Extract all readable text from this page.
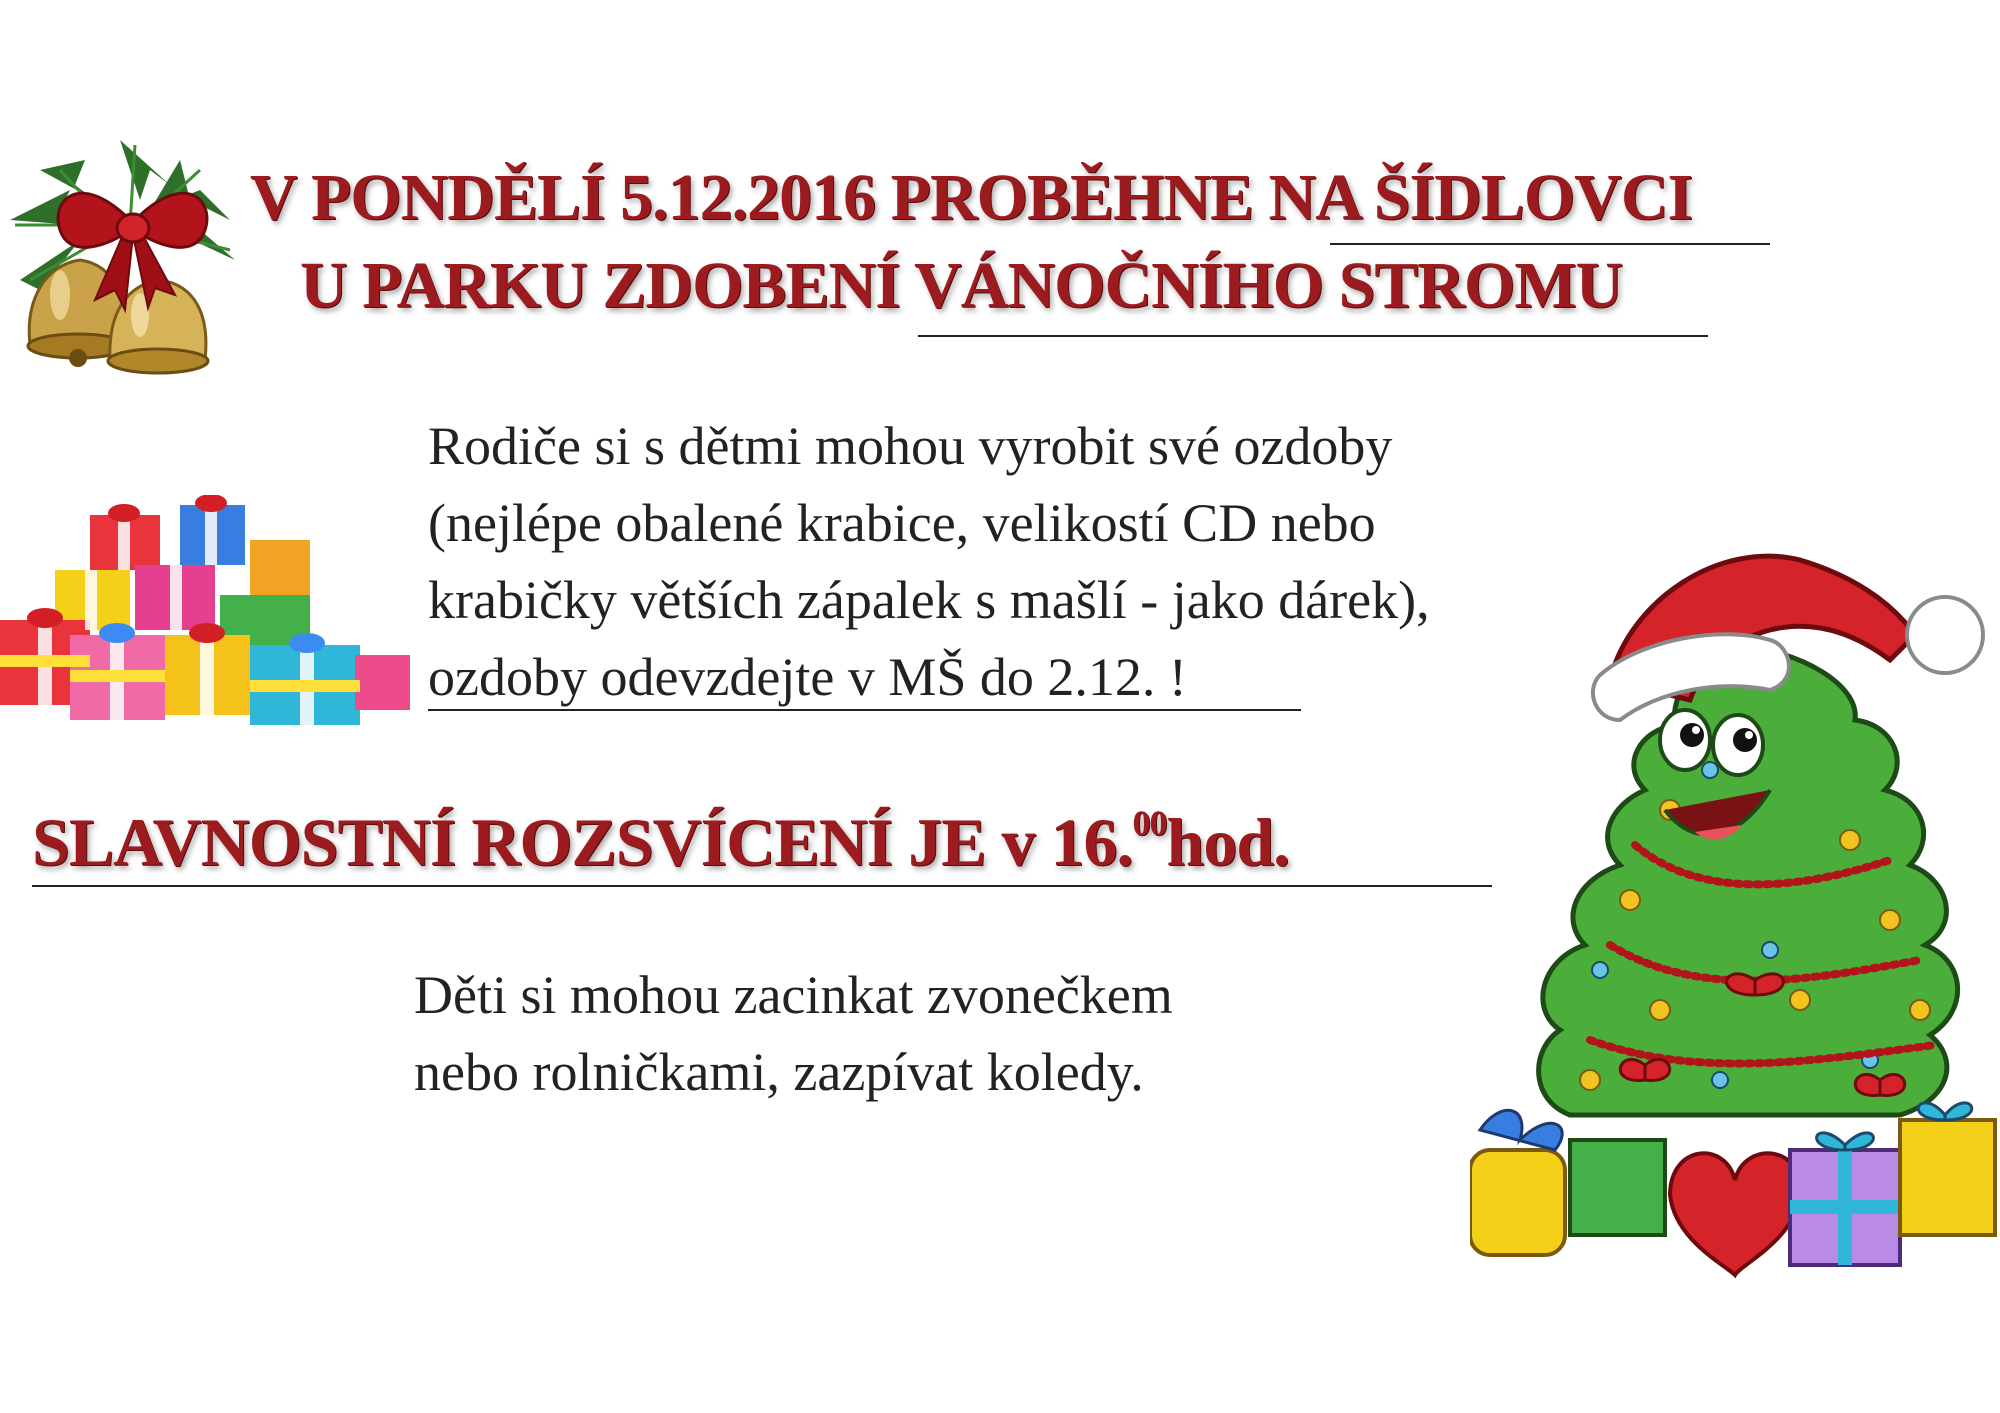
V PONDĚLÍ 5.12.2016 PROBĚHNE NA ŠÍDLOVCI
U PARKU ZDOBENÍ VÁNOČNÍHO STROMU
Rodiče si s dětmi mohou vyrobit své ozdoby
(nejlépe obalené krabice, velikostí CD nebo
krabičky větších zápalek s mašlí - jako dárek),
ozdoby odevzdejte v MŠ do 2.12. !
SLAVNOSTNÍ ROZSVÍCENÍ JE v 16.00hod.
Děti si mohou zacinkat zvonečkem
nebo rolničkami, zazpívat koledy.
